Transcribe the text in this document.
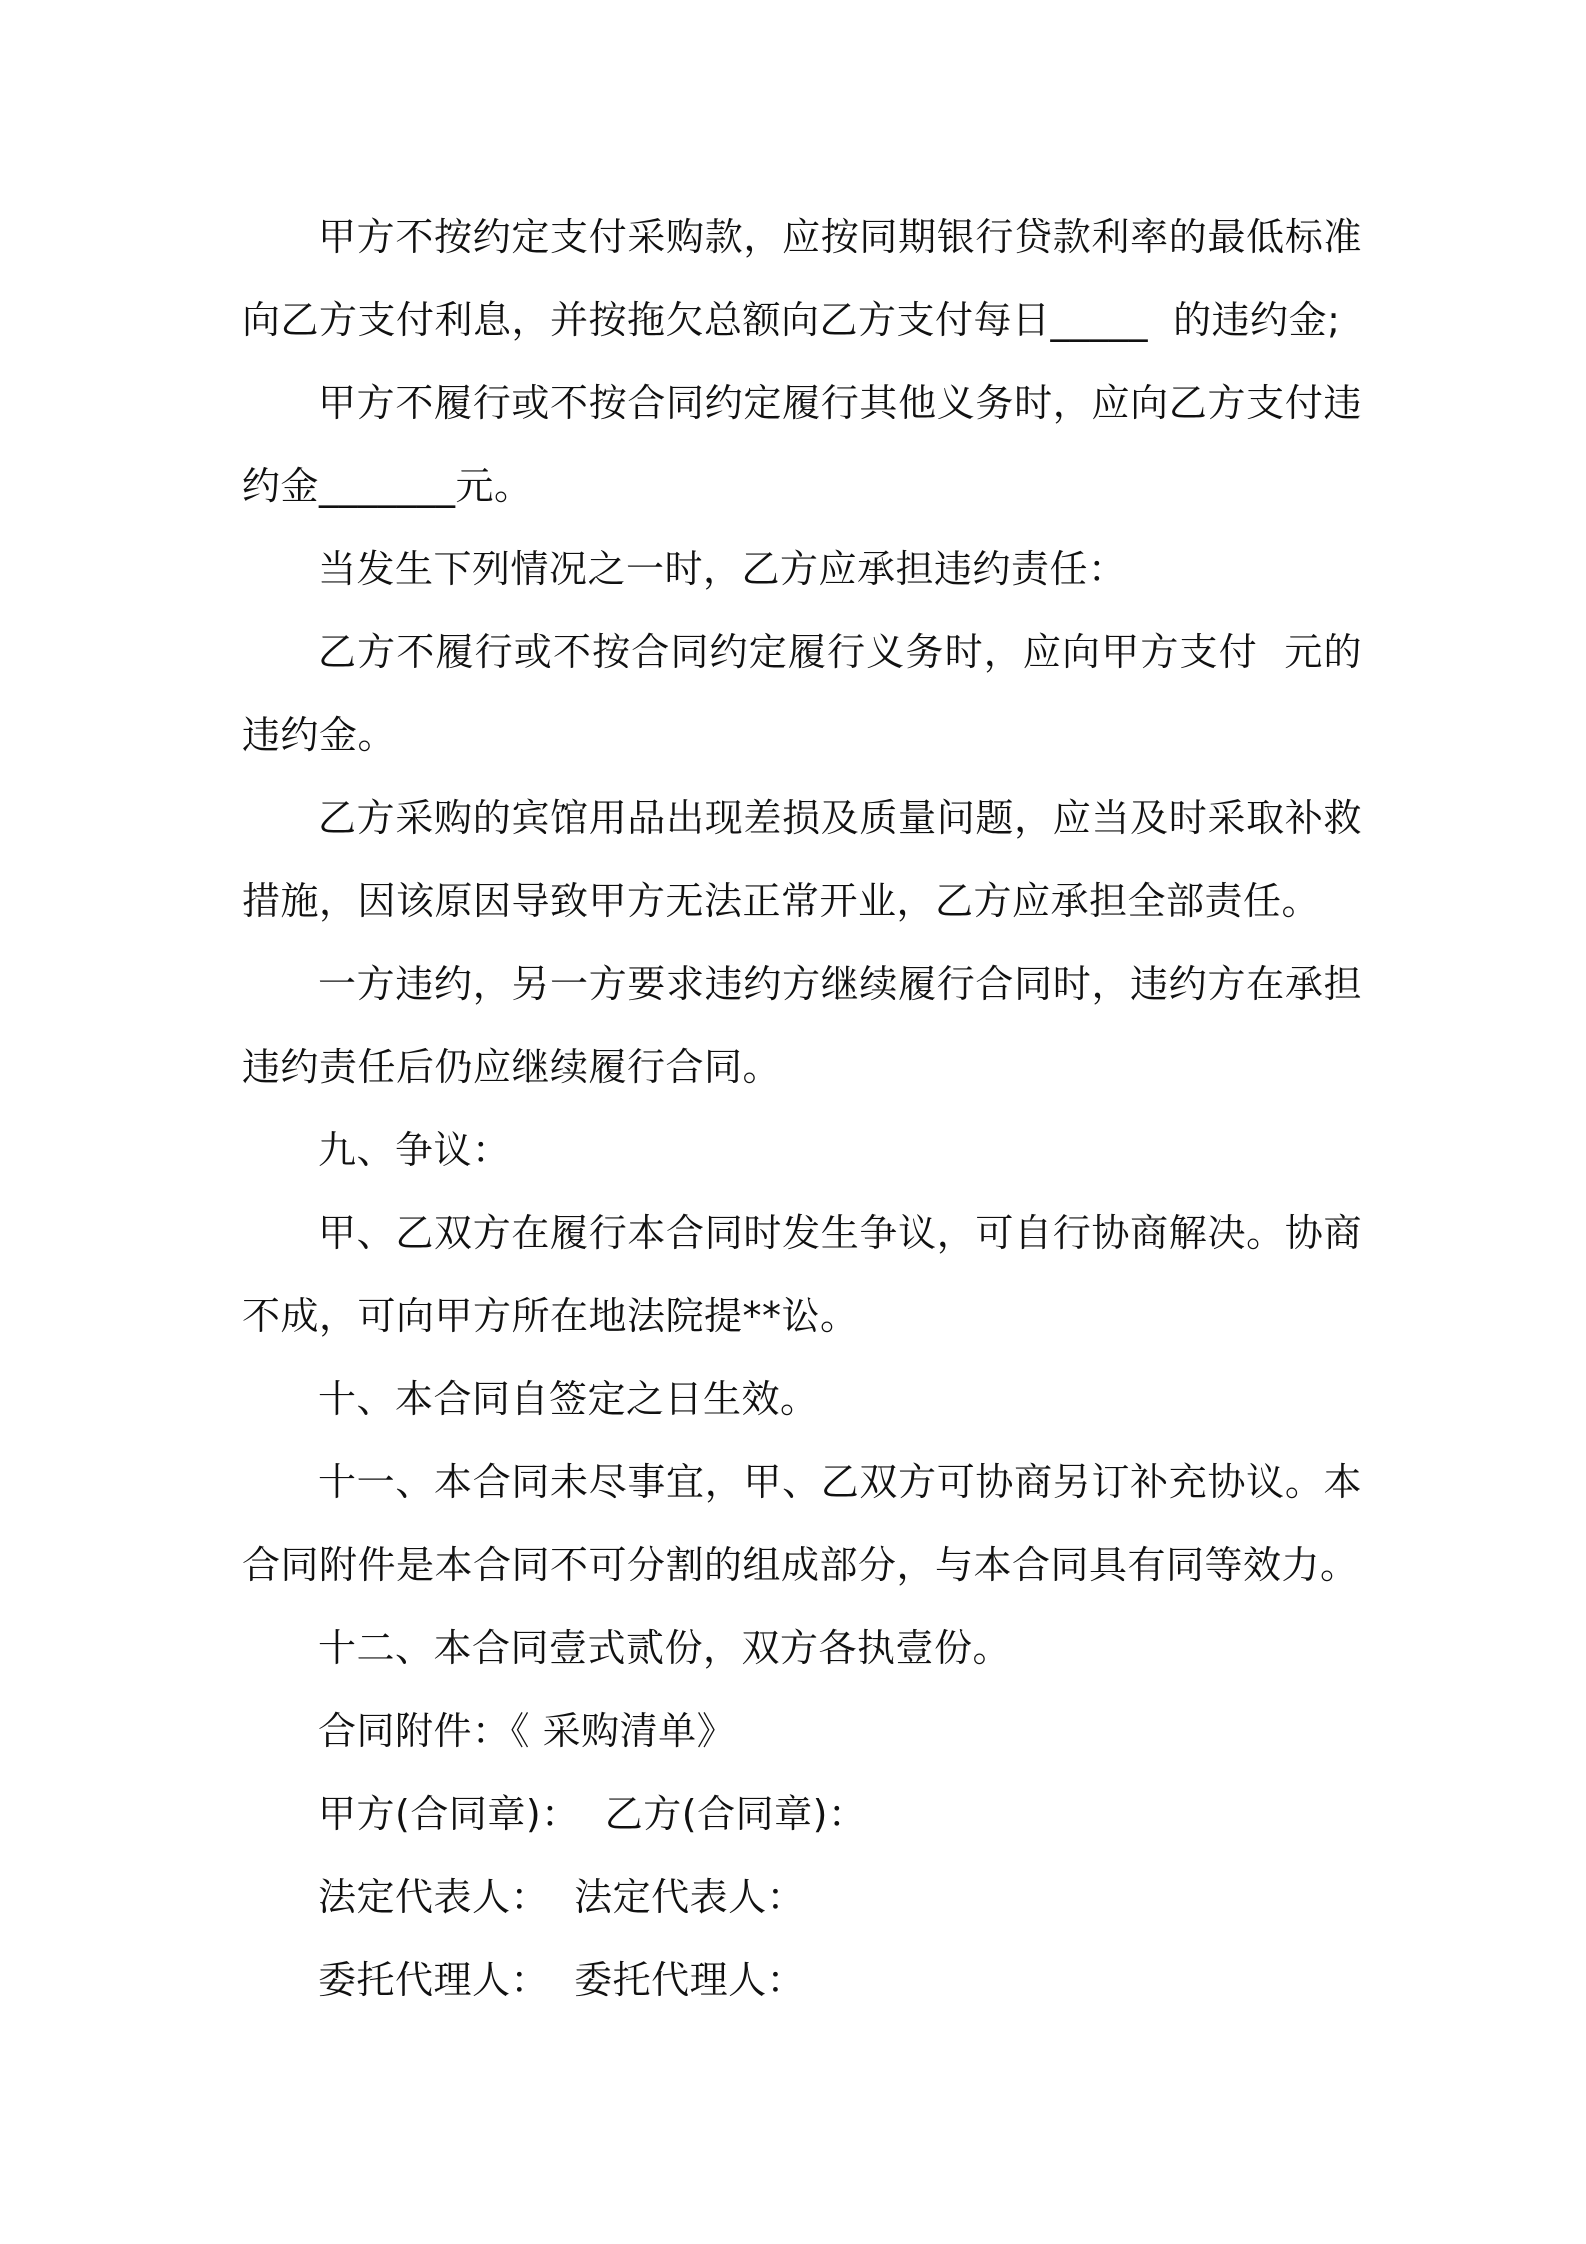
甲方不按约定支付采购款，应按同期银行贷款利率的最低标准向乙方支付利息，并按拖欠总额向乙方支付每日_____  的违约金;

甲方不履行或不按合同约定履行其他义务时，应向乙方支付违约金_______元。

当发生下列情况之一时，乙方应承担违约责任：

乙方不履行或不按合同约定履行义务时，应向甲方支付  元的违约金。

乙方采购的宾馆用品出现差损及质量问题，应当及时采取补救措施，因该原因导致甲方无法正常开业，乙方应承担全部责任。

一方违约，另一方要求违约方继续履行合同时，违约方在承担违约责任后仍应继续履行合同。

九、争议：

甲、乙双方在履行本合同时发生争议，可自行协商解决。协商不成，可向甲方所在地法院提**讼。

十、本合同自签定之日生效。

十一、本合同未尽事宜，甲、乙双方可协商另订补充协议。本合同附件是本合同不可分割的组成部分，与本合同具有同等效力。

十二、本合同壹式贰份，双方各执壹份。

合同附件：《 采购清单》

甲方(合同章)：  乙方(合同章)：

法定代表人：  法定代表人：

委托代理人：  委托代理人：
